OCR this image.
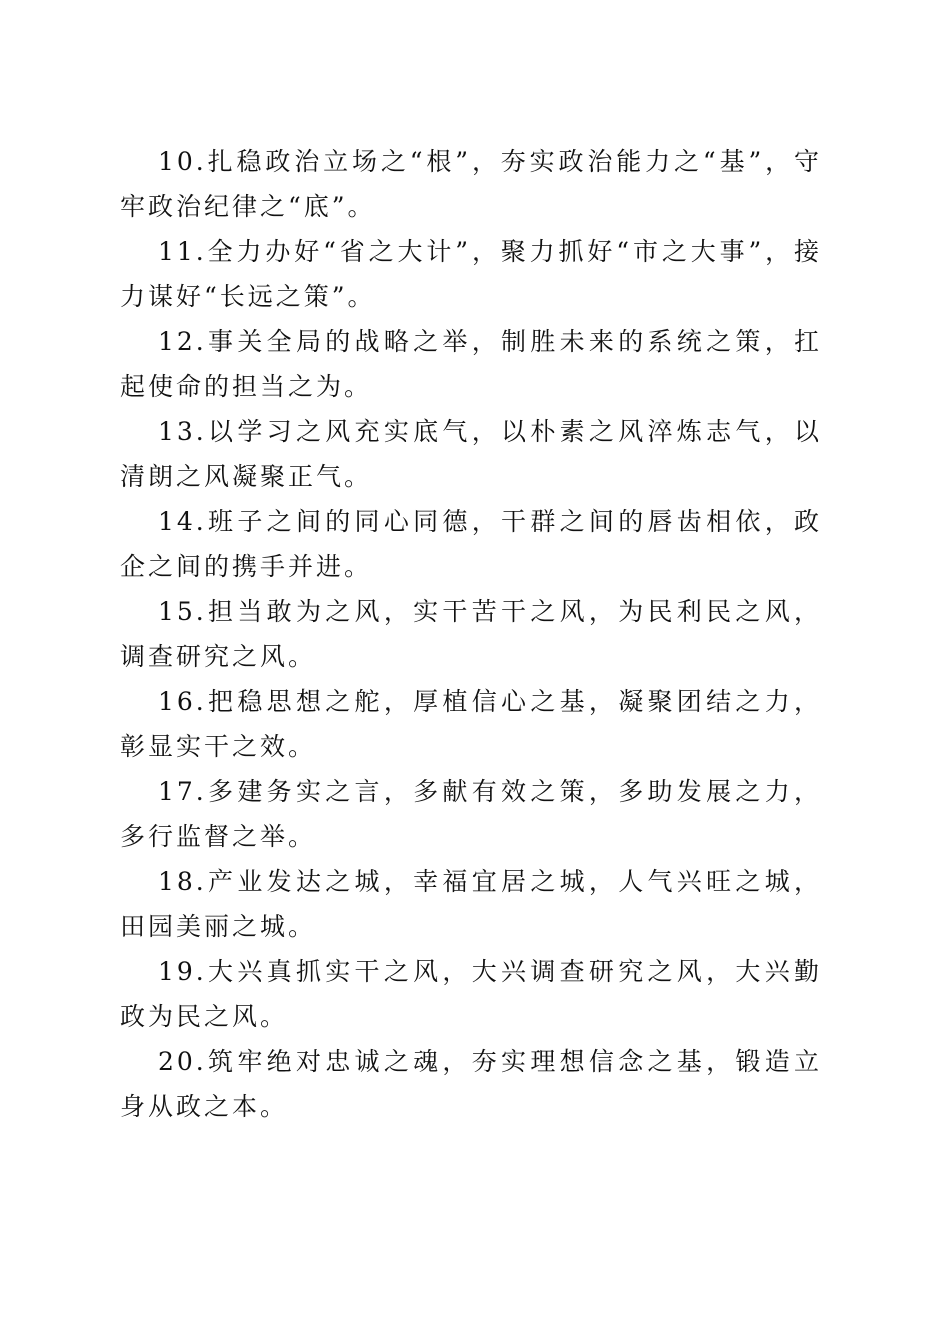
10.扎稳政治立场之“根”，夯实政治能力之“基”，守牢政治纪律之“底”。

11.全力办好“省之大计”，聚力抓好“市之大事”，接力谋好“长远之策”。

12.事关全局的战略之举，制胜未来的系统之策，扛起使命的担当之为。

13.以学习之风充实底气，以朴素之风淬炼志气，以清朗之风凝聚正气。

14.班子之间的同心同德，干群之间的唇齿相依，政企之间的携手并进。

15.担当敢为之风，实干苦干之风，为民利民之风，调查研究之风。

16.把稳思想之舵，厚植信心之基，凝聚团结之力，彰显实干之效。

17.多建务实之言，多献有效之策，多助发展之力，多行监督之举。

18.产业发达之城，幸福宜居之城，人气兴旺之城，田园美丽之城。

19.大兴真抓实干之风，大兴调查研究之风，大兴勤政为民之风。

20.筑牢绝对忠诚之魂，夯实理想信念之基，锻造立身从政之本。
